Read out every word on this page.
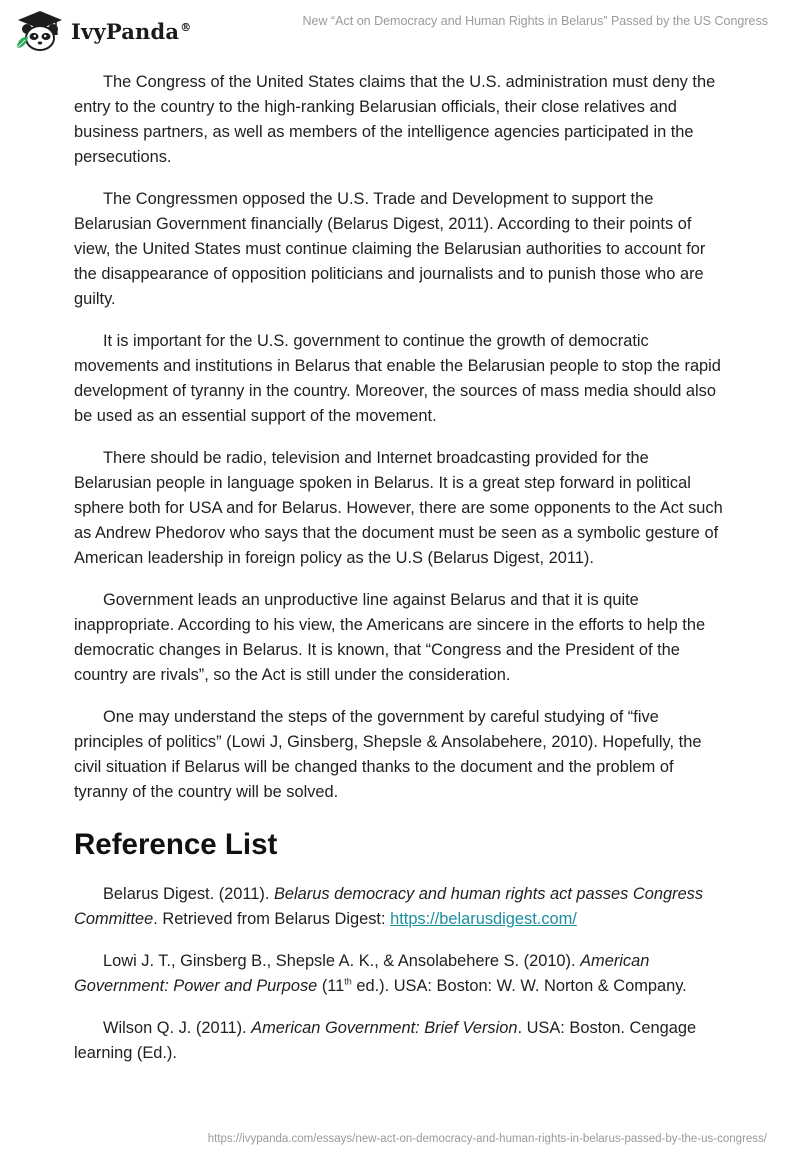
IvyPanda®	New “Act on Democracy and Human Rights in Belarus” Passed by the US Congress

The Congress of the United States claims that the U.S. administration must deny the entry to the country to the high-ranking Belarusian officials, their close relatives and business partners, as well as members of the intelligence agencies participated in the persecutions.

The Congressmen opposed the U.S. Trade and Development to support the Belarusian Government financially (Belarus Digest, 2011). According to their points of view, the United States must continue claiming the Belarusian authorities to account for the disappearance of opposition politicians and journalists and to punish those who are guilty.

It is important for the U.S. government to continue the growth of democratic movements and institutions in Belarus that enable the Belarusian people to stop the rapid development of tyranny in the country. Moreover, the sources of mass media should also be used as an essential support of the movement.

There should be radio, television and Internet broadcasting provided for the Belarusian people in language spoken in Belarus. It is a great step forward in political sphere both for USA and for Belarus. However, there are some opponents to the Act such as Andrew Phedorov who says that the document must be seen as a symbolic gesture of American leadership in foreign policy as the U.S (Belarus Digest, 2011).

Government leads an unproductive line against Belarus and that it is quite inappropriate. According to his view, the Americans are sincere in the efforts to help the democratic changes in Belarus. It is known, that “Congress and the President of the country are rivals”, so the Act is still under the consideration.

One may understand the steps of the government by careful studying of “five principles of politics” (Lowi J, Ginsberg, Shepsle & Ansolabehere, 2010). Hopefully, the civil situation if Belarus will be changed thanks to the document and the problem of tyranny of the country will be solved.

Reference List

Belarus Digest. (2011). Belarus democracy and human rights act passes Congress Committee. Retrieved from Belarus Digest: https://belarusdigest.com/

Lowi J. T., Ginsberg B., Shepsle A. K., & Ansolabehere S. (2010). American Government: Power and Purpose (11th ed.). USA: Boston: W. W. Norton & Company.

Wilson Q. J. (2011). American Government: Brief Version. USA: Boston. Cengage learning (Ed.).

https://ivypanda.com/essays/new-act-on-democracy-and-human-rights-in-belarus-passed-by-the-us-congress/
